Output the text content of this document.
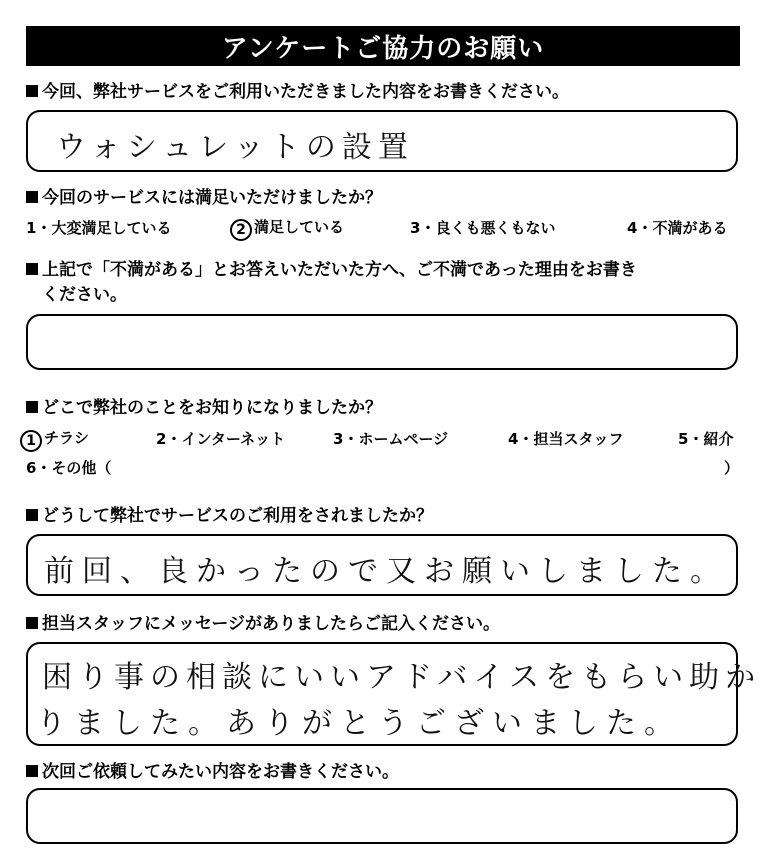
アンケートご協力のお願い
今回、弊社サービスをご利用いただきました内容をお書きください。
ウォシュレットの設置
今回のサービスには満足いただけましたか？
1・大変満足している	2 満足している	3・良くも悪くもない	4・不満がある
上記で「不満がある」とお答えいただいた方へ、ご不満であった理由をお書き
ください。
どこで弊社のことをお知りになりましたか？
1 チラシ	2・インターネット	3・ホームページ	4・担当スタッフ	5・紹介
6・その他（	）
どうして弊社でサービスのご利用をされましたか？
前回、良かったので又お願いしました。
担当スタッフにメッセージがありましたらご記入ください。
困り事の相談にいいアドバイスをもらい助か
りました。ありがとうございました。
次回ご依頼してみたい内容をお書きください。
